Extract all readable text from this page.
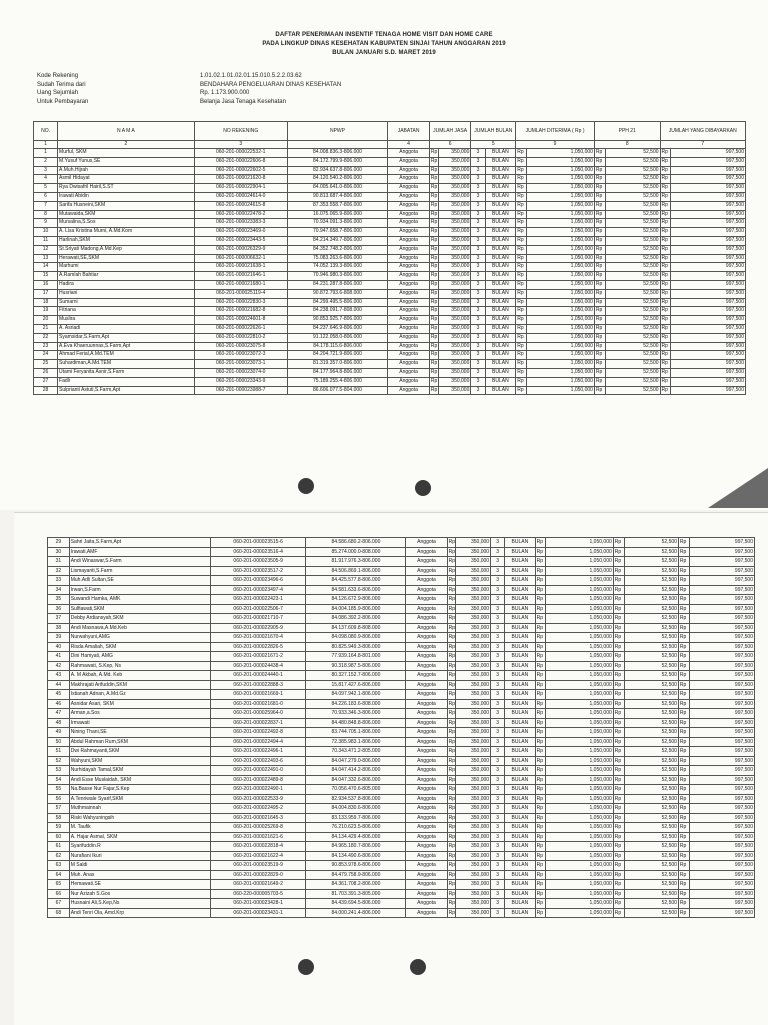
DAFTAR PENERIMAAN INSENTIF TENAGA HOME VISIT DAN HOME CARE
PADA LINGKUP DINAS KESEHATAN KABUPATEN SINJAI TAHUN ANGGARAN 2019
BULAN JANUARI S.D. MARET 2019
Kode Rekening	1.01.02.1.01.02.01.15.010.5.2.2.03.62
Sudah Terima dari	BENDAHARA PENGELUARAN DINAS KESEHATAN
Uang Sejumlah	Rp. 1.173.900.000
Untuk Pembayaran	Belanja Jasa Tenaga Kesehatan
NO.	N A M A	NO REKENING	NPWP	JABATAN	JUMLAH JASA		JUMLAH BULAN		JUMLAH DITERIMA ( Rp )		PPH 21		JUMLAH YANG DIBAYARKAN	
1	2	3		4	6		5		9		8		7	
1	Murful, SKM	060-201-000022532-1	84.008.836.3-806.000	Anggota	Rp	350,000	3	BULAN	Rp	1,050,000	Rp	52,500	Rp	997,500
2	M.Yusuf Yunus,SE	060-201-000022606-8	84.172.799.9-806.000	Anggota	Rp	350,000	3	BULAN	Rp	1,050,000	Rp	52,500	Rp	997,500
3	A.Muh.Hijrah	060-201-000022602-5	82.934.637.8-806.000	Anggota	Rp	350,000	3	BULAN	Rp	1,050,000	Rp	52,500	Rp	997,500
4	Asmil Hidayat	060-201-000021620-8	84.120.540.2-806.000	Anggota	Rp	350,000	3	BULAN	Rp	1,050,000	Rp	52,500	Rp	997,500
5	Rya Dwisafril Hairil,S.ST	060-201-000022904-1	84.005.641.0-806.000	Anggota	Rp	350,000	3	BULAN	Rp	1,050,000	Rp	52,500	Rp	997,500
6	Irawati Abidin	060-201-000024614-0	90.813.687.4-806.000	Anggota	Rp	350,000	3	BULAN	Rp	1,050,000	Rp	52,500	Rp	997,500
7	Sarifa Husneini,SKM	060-201-000024615-8	87.353.558.7-806.000	Anggota	Rp	350,000	3	BULAN	Rp	1,050,000	Rp	52,500	Rp	997,500
8	Mutawaida,SKM	060-201-000022478-2	16.075.065.9-806.000	Anggota	Rp	350,000	3	BULAN	Rp	1,050,000	Rp	52,500	Rp	997,500
9	Mursalina,S.Sos	060-201-000023383-3	70.934.091.3-806.000	Anggota	Rp	350,000	3	BULAN	Rp	1,050,000	Rp	52,500	Rp	997,500
10	A. Lisa Kristina Murni, A.Md.Kom	060-201-000023469-0	70.947.658.7-806.000	Anggota	Rp	350,000	3	BULAN	Rp	1,050,000	Rp	52,500	Rp	997,500
11	Harlinah,SKM	060-201-000023443-5	84.214.349.7-806.000	Anggota	Rp	350,000	3	BULAN	Rp	1,050,000	Rp	52,500	Rp	997,500
12	St.Sriyati Madong,A.Md.Kep	060-201-000026329-9	84.352.748.2-806.000	Anggota	Rp	350,000	3	BULAN	Rp	1,050,000	Rp	52,500	Rp	997,500
13	Herawati,SE,SKM	060-201-000006632-1	75.083.263.6-806.000	Anggota	Rp	350,000	3	BULAN	Rp	1,050,000	Rp	52,500	Rp	997,500
14	Marhumi	060-201-000021638-1	74.052.139.3-806.000	Anggota	Rp	350,000	3	BULAN	Rp	1,050,000	Rp	52,500	Rp	997,500
15	A.Ramlah Bahtiar	060-201-000021646-1	70.946.980.3-806.000	Anggota	Rp	350,000	3	BULAN	Rp	1,050,000	Rp	52,500	Rp	997,500
16	Hadira	060-201-000021680-1	84.231.287.8-806.000	Anggota	Rp	350,000	3	BULAN	Rp	1,050,000	Rp	52,500	Rp	997,500
17	Husriani	060-201-000025119-4	90.872.793.6-808.000	Anggota	Rp	350,000	3	BULAN	Rp	1,050,000	Rp	52,500	Rp	997,500
18	Sumarni	060-201-000022830-3	84.299.495.5-806.000	Anggota	Rp	350,000	3	BULAN	Rp	1,050,000	Rp	52,500	Rp	997,500
19	Fitriana	060-201-000021682-8	84.238.091.7-808.000	Anggota	Rp	350,000	3	BULAN	Rp	1,050,000	Rp	52,500	Rp	997,500
20	Muslira	060-201-000024601-8	90.853.925.7-806.000	Anggota	Rp	350,000	3	BULAN	Rp	1,050,000	Rp	52,500	Rp	997,500
21	A. Asriadi	060-201-000022626-1	84.237.646.9-806.000	Anggota	Rp	350,000	3	BULAN	Rp	1,050,000	Rp	52,500	Rp	997,500
22	Syamsidar,S.Farm,Apt	060-201-000022810-2	91.122.058.0-806.000	Anggota	Rp	350,000	3	BULAN	Rp	1,050,000	Rp	52,500	Rp	997,500
23	A.Eva Khaeruunnas,S.Farm,Apt	060-201-000023075-8	84.178.115.6-806.000	Anggota	Rp	350,000	3	BULAN	Rp	1,050,000	Rp	52,500	Rp	997,500
24	Ahmad Ferial,A.Md.TEM	060-201-000023072-3	84.204.721.9-806.000	Anggota	Rp	350,000	3	BULAN	Rp	1,050,000	Rp	52,500	Rp	997,500
25	Suhardiman,A.Md.TEM	060-201-000023073-1	81.319.357.0-806.000	Anggota	Rp	350,000	3	BULAN	Rp	1,050,000	Rp	52,500	Rp	997,500
26	Utami Feryanita Asnir,S.Farm	060-201-000023074-0	84.177.964.8-806.000	Anggota	Rp	350,000	3	BULAN	Rp	1,050,000	Rp	52,500	Rp	997,500
27	Fadli	060-201-000023343-9	75.189.255.4-806.000	Anggota	Rp	350,000	3	BULAN	Rp	1,050,000	Rp	52,500	Rp	997,500
28	Sulprianti Astuti,S.Farm,Apt	060-201-000023988-7	86.606.077.5-804.000	Anggota	Rp	350,000	3	BULAN	Rp	1,050,000	Rp	52,500	Rp	997,500
29	Sahri Jaita,S.Farm,Apt	060-201-000023515-6	84.586.680.2-806.000	Anggota	Rp	350,000	3	BULAN	Rp	1,050,000	Rp	52,500	Rp	997,500
30	Irawati,AMF	060-201-000023516-4	85.274.000.0-808.000	Anggota	Rp	350,000	3	BULAN	Rp	1,050,000	Rp	52,500	Rp	997,500
31	Andi Winaswar,S.Farm	060-201-000023505-9	81.917.976.3-806.000	Anggota	Rp	350,000	3	BULAN	Rp	1,050,000	Rp	52,500	Rp	997,500
32	Lismayanti,S.Farm	060-201-000023517-2	84.506.869.1-806.000	Anggota	Rp	350,000	3	BULAN	Rp	1,050,000	Rp	52,500	Rp	997,500
33	Muh.Adli Sultan,SE	060-201-000023496-6	84.425.577.8-806.000	Anggota	Rp	350,000	3	BULAN	Rp	1,050,000	Rp	52,500	Rp	997,500
34	Irwan,S.Farm	060-201-000023497-4	84.581.633.6-806.000	Anggota	Rp	350,000	3	BULAN	Rp	1,050,000	Rp	52,500	Rp	997,500
35	Suwandi Hamka, AMK	060-201-000022423-1	84.126.672.9-806.000	Anggota	Rp	350,000	3	BULAN	Rp	1,050,000	Rp	52,500	Rp	997,500
36	Sulfiawati,SKM	060-201-000022506-7	84.004.185.9-806.000	Anggota	Rp	350,000	3	BULAN	Rp	1,050,000	Rp	52,500	Rp	997,500
37	Debby Ardiansyah,SKM	060-201-000021710-7	84.086.392.2-806.000	Anggota	Rp	350,000	3	BULAN	Rp	1,050,000	Rp	52,500	Rp	997,500
38	Andi Masnawa,A.Md.Keb	060-201-000022905-9	84.137.609.8-808.000	Anggota	Rp	350,000	3	BULAN	Rp	1,050,000	Rp	52,500	Rp	997,500
39	Nurwahyuni,AMG	060-201-000021670-4	84.098.080.9-806.000	Anggota	Rp	350,000	3	BULAN	Rp	1,050,000	Rp	52,500	Rp	997,500
40	Risda Amaliah, SKM	060-201-000022826-5	80.825.949.3-806.000	Anggota	Rp	350,000	3	BULAN	Rp	1,050,000	Rp	52,500	Rp	997,500
41	Dini Hamyati, AMG	060-201-000021671-2	77.939.164.8-801.000	Anggota	Rp	350,000	3	BULAN	Rp	1,050,000	Rp	52,500	Rp	997,500
42	Rahmawati, S.Kep, Ns	060-201-000024438-4	90.318.987.5-806.000	Anggota	Rp	350,000	3	BULAN	Rp	1,050,000	Rp	52,500	Rp	997,500
43	A. M Akbah, A.Md. Keb	060-201-000024440-1	80.327.152.7-806.000	Anggota	Rp	350,000	3	BULAN	Rp	1,050,000	Rp	52,500	Rp	997,500
44	Makhrajati Arifuddin,SKM	060-201-000022888-3	15.817.427.6-806.000	Anggota	Rp	350,000	3	BULAN	Rp	1,050,000	Rp	52,500	Rp	997,500
45	Istianah Adnan, A.Md.Gz	060-201-000021669-1	84.097.942.1-806.000	Anggota	Rp	350,000	3	BULAN	Rp	1,050,000	Rp	52,500	Rp	997,500
46	Asnidar Asari, SKM	060-201-000021681-0	84.226.183.6-808.000	Anggota	Rp	350,000	3	BULAN	Rp	1,050,000	Rp	52,500	Rp	997,500
47	Arman,a.Sos	060-201-000025964-0	70.933.346.3-806.000	Anggota	Rp	350,000	3	BULAN	Rp	1,050,000	Rp	52,500	Rp	997,500
48	Irmawati	060-201-000022837-1	84.480.848.8-806.000	Anggota	Rp	350,000	3	BULAN	Rp	1,050,000	Rp	52,500	Rp	997,500
49	Nining Thani,SE	060-201-000022492-8	83.744.705.1-806.000	Anggota	Rp	350,000	3	BULAN	Rp	1,050,000	Rp	52,500	Rp	997,500
50	Abdul Rahman Rum,SKM	060-201-000022494-4	72.385.983.1-806.000	Anggota	Rp	350,000	3	BULAN	Rp	1,050,000	Rp	52,500	Rp	997,500
51	Dwi Rahmayanti,SKM	060-201-000022496-1	70.343.471.2-805.000	Anggota	Rp	350,000	3	BULAN	Rp	1,050,000	Rp	52,500	Rp	997,500
52	Wahyuni,SKM	060-201-000022493-6	84.047.279.0-806.000	Anggota	Rp	350,000	3	BULAN	Rp	1,050,000	Rp	52,500	Rp	997,500
53	Nurhidayah Tamal,SKM	060-201-000022491-0	84.047.414.2-806.000	Anggota	Rp	350,000	3	BULAN	Rp	1,050,000	Rp	52,500	Rp	997,500
54	Andi Esse Muslaidah, SKM	060-201-000022489-8	84.047.332.6-806.000	Anggota	Rp	350,000	3	BULAN	Rp	1,050,000	Rp	52,500	Rp	997,500
55	Na.Basse Nur Fajar,S.Kep	060-201-000022490-1	70.056.470.6-805.000	Anggota	Rp	350,000	3	BULAN	Rp	1,050,000	Rp	52,500	Rp	997,500
56	A.Tenriwale Syarif,SKM	060-201-000022533-9	82.934.537.8-806.000	Anggota	Rp	350,000	3	BULAN	Rp	1,050,000	Rp	52,500	Rp	997,500
57	Muthmainnah	060-201-000022495-2	84.004.830.6-806.000	Anggota	Rp	350,000	3	BULAN	Rp	1,050,000	Rp	52,500	Rp	997,500
58	Riski Wahyuningsih	060-201-000021645-3	83.133.959.7-806.000	Anggota	Rp	350,000	3	BULAN	Rp	1,050,000	Rp	52,500	Rp	997,500
59	M. Taufik	060-201-000025269-8	76.210.623.5-806.000	Anggota	Rp	350,000	3	BULAN	Rp	1,050,000	Rp	52,500	Rp	997,500
60	A. Hajar Asmal, SKM	060-201-000021621-6	84.134.429.4-806.000	Anggota	Rp	350,000	3	BULAN	Rp	1,050,000	Rp	52,500	Rp	997,500
61	Syarifuddin.R	060-201-000022818-4	84.965.180.7-806.000	Anggota	Rp	350,000	3	BULAN	Rp	1,050,000	Rp	52,500	Rp	997,500
62	Nurafiani Ikuri	060-201-000021622-4	84.134.490.6-806.000	Anggota	Rp	350,000	3	BULAN	Rp	1,050,000	Rp	52,500	Rp	997,500
63	M Saldi	060-201-000023519-9	90.853.978.6-806.000	Anggota	Rp	350,000	3	BULAN	Rp	1,050,000	Rp	52,500	Rp	997,500
64	Muh. Anas	060-201-000022829-0	84.479.758.9-806.000	Anggota	Rp	350,000	3	BULAN	Rp	1,050,000	Rp	52,500	Rp	997,500
65	Hemawati.SE	060-201-000021649-2	84.361.708.2-806.000	Anggota	Rp	350,000	3	BULAN	Rp	1,050,000	Rp	52,500	Rp	997,500
66	Nur Azizah S.Gos	060-220-000005703-5	81.703.391.3-805.000	Anggota	Rp	350,000	3	BULAN	Rp	1,050,000	Rp	52,500	Rp	997,500
67	Husnaini Ali,S.Kep,Ns	060-201-000023428-1	84.439.694.5-806.000	Anggota	Rp	350,000	3	BULAN	Rp	1,050,000	Rp	52,500	Rp	997,500
68	Andi Tenri Ola, Amd.Krp	060-201-000023431-1	84.000.241.4-806.000	Anggota	Rp	350,000	3	BULAN	Rp	1,050,000	Rp	52,500	Rp	997,500
